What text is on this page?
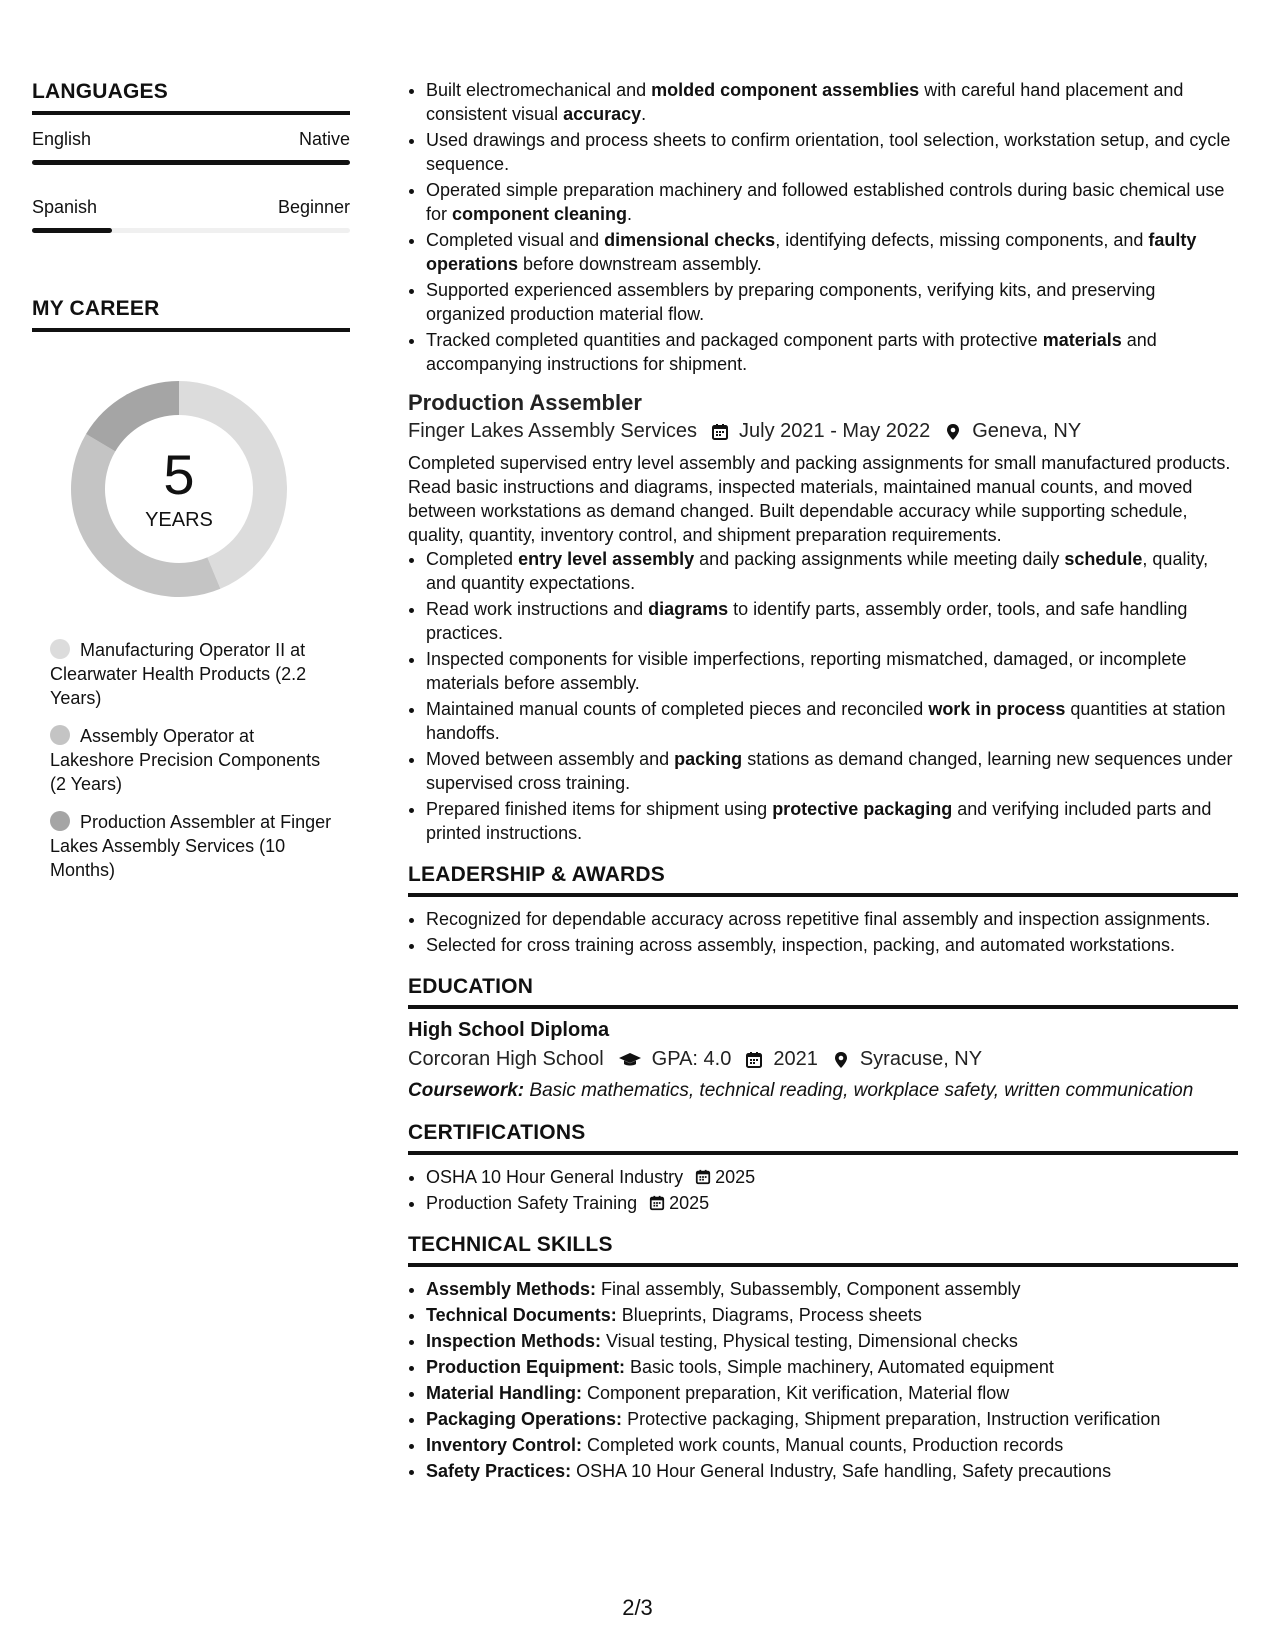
LANGUAGES
English	Native
Spanish	Beginner
MY CAREER
5
YEARS
Manufacturing Operator II at Clearwater Health Products (2.2 Years)
Assembly Operator at Lakeshore Precision Components (2 Years)
Production Assembler at Finger Lakes Assembly Services (10 Months)
• Built electromechanical and molded component assemblies with careful hand placement and consistent visual accuracy.
• Used drawings and process sheets to confirm orientation, tool selection, workstation setup, and cycle sequence.
• Operated simple preparation machinery and followed established controls during basic chemical use for component cleaning.
• Completed visual and dimensional checks, identifying defects, missing components, and faulty operations before downstream assembly.
• Supported experienced assemblers by preparing components, verifying kits, and preserving organized production material flow.
• Tracked completed quantities and packaged component parts with protective materials and accompanying instructions for shipment.
Production Assembler
Finger Lakes Assembly Services July 2021 - May 2022 Geneva, NY

Completed supervised entry level assembly and packing assignments for small manufactured products. Read basic instructions and diagrams, inspected materials, maintained manual counts, and moved between workstations as demand changed. Built dependable accuracy while supporting schedule, quality, quantity, inventory control, and shipment preparation requirements.

• Completed entry level assembly and packing assignments while meeting daily schedule, quality, and quantity expectations.
• Read work instructions and diagrams to identify parts, assembly order, tools, and safe handling practices.
• Inspected components for visible imperfections, reporting mismatched, damaged, or incomplete materials before assembly.
• Maintained manual counts of completed pieces and reconciled work in process quantities at station handoffs.
• Moved between assembly and packing stations as demand changed, learning new sequences under supervised cross training.
• Prepared finished items for shipment using protective packaging and verifying included parts and printed instructions.
LEADERSHIP & AWARDS
• Recognized for dependable accuracy across repetitive final assembly and inspection assignments.
• Selected for cross training across assembly, inspection, packing, and automated workstations.
EDUCATION
High School Diploma
Corcoran High School GPA: 4.0 2021 Syracuse, NY
Coursework: Basic mathematics, technical reading, workplace safety, written communication
CERTIFICATIONS
• OSHA 10 Hour General Industry 2025
• Production Safety Training 2025
TECHNICAL SKILLS
• Assembly Methods: Final assembly, Subassembly, Component assembly
• Technical Documents: Blueprints, Diagrams, Process sheets
• Inspection Methods: Visual testing, Physical testing, Dimensional checks
• Production Equipment: Basic tools, Simple machinery, Automated equipment
• Material Handling: Component preparation, Kit verification, Material flow
• Packaging Operations: Protective packaging, Shipment preparation, Instruction verification
• Inventory Control: Completed work counts, Manual counts, Production records
• Safety Practices: OSHA 10 Hour General Industry, Safe handling, Safety precautions
2/3
